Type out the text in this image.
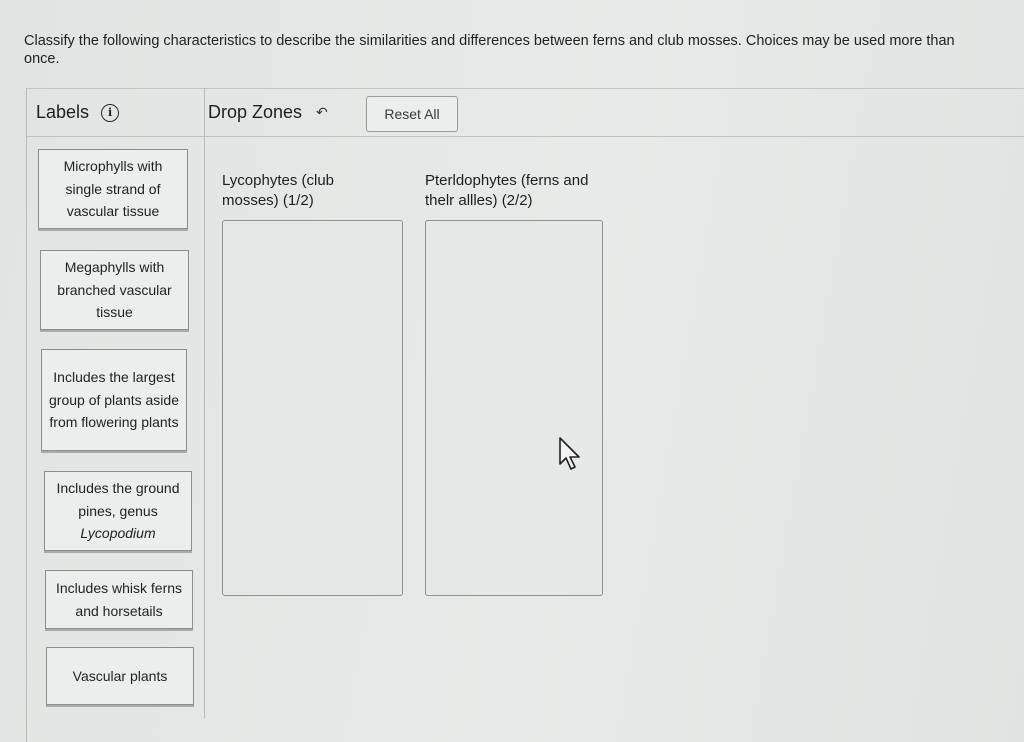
Classify the following characteristics to describe the similarities and differences between ferns and club mosses. Choices may be used more than once.
Labels	i	Drop Zones ↶	Reset All
Microphylls with single strand of vascular tissue
Megaphylls with branched vascular tissue
Includes the largest group of plants aside from flowering plants
Includes the ground pines, genus Lycopodium
Includes whisk ferns and horsetails
Vascular plants
Lycophytes (club mosses) (1/2)
Pterldophytes (ferns and thelr allles) (2/2)
